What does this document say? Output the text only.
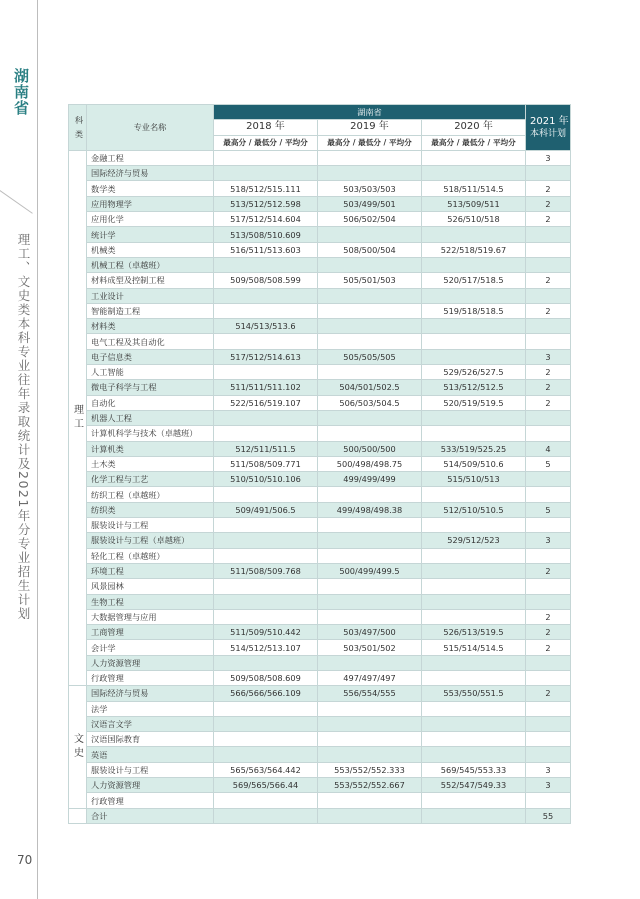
湖南省
理工、文史类本科专业往年录取统计及2021年分专业招生计划
70
科类	专业名称	湖南省			2021 年
本科计划

		2018 年	2019 年	2020 年	
		最高分 / 最低分 / 平均分	最高分 / 最低分 / 平均分	最高分 / 最低分 / 平均分	
理工	金融工程				3
	国际经济与贸易				
	数学类	518/512/515.111	503/503/503	518/511/514.5	2
	应用物理学	513/512/512.598	503/499/501	513/509/511	2
	应用化学	517/512/514.604	506/502/504	526/510/518	2
	统计学	513/508/510.609			
	机械类	516/511/513.603	508/500/504	522/518/519.67	
	机械工程（卓越班）				
	材料成型及控制工程	509/508/508.599	505/501/503	520/517/518.5	2
	工业设计				
	智能制造工程			519/518/518.5	2
	材料类	514/513/513.6			
	电气工程及其自动化				
	电子信息类	517/512/514.613	505/505/505		3
	人工智能			529/526/527.5	2
	微电子科学与工程	511/511/511.102	504/501/502.5	513/512/512.5	2
	自动化	522/516/519.107	506/503/504.5	520/519/519.5	2
	机器人工程				
	计算机科学与技术（卓越班）				
	计算机类	512/511/511.5	500/500/500	533/519/525.25	4
	土木类	511/508/509.771	500/498/498.75	514/509/510.6	5
	化学工程与工艺	510/510/510.106	499/499/499	515/510/513	
	纺织工程（卓越班）				
	纺织类	509/491/506.5	499/498/498.38	512/510/510.5	5
	服装设计与工程				
	服装设计与工程（卓越班）			529/512/523	3
	轻化工程（卓越班）				
	环境工程	511/508/509.768	500/499/499.5		2
	风景园林				
	生物工程				
	大数据管理与应用				2
	工商管理	511/509/510.442	503/497/500	526/513/519.5	2
	会计学	514/512/513.107	503/501/502	515/514/514.5	2
	人力资源管理				
	行政管理	509/508/508.609	497/497/497		
文史	国际经济与贸易	566/566/566.109	556/554/555	553/550/551.5	2
	法学				
	汉语言文学				
	汉语国际教育				
	英语				
	服装设计与工程	565/563/564.442	553/552/552.333	569/545/553.33	3
	人力资源管理	569/565/566.44	553/552/552.667	552/547/549.33	3
	行政管理				
	合计				55
